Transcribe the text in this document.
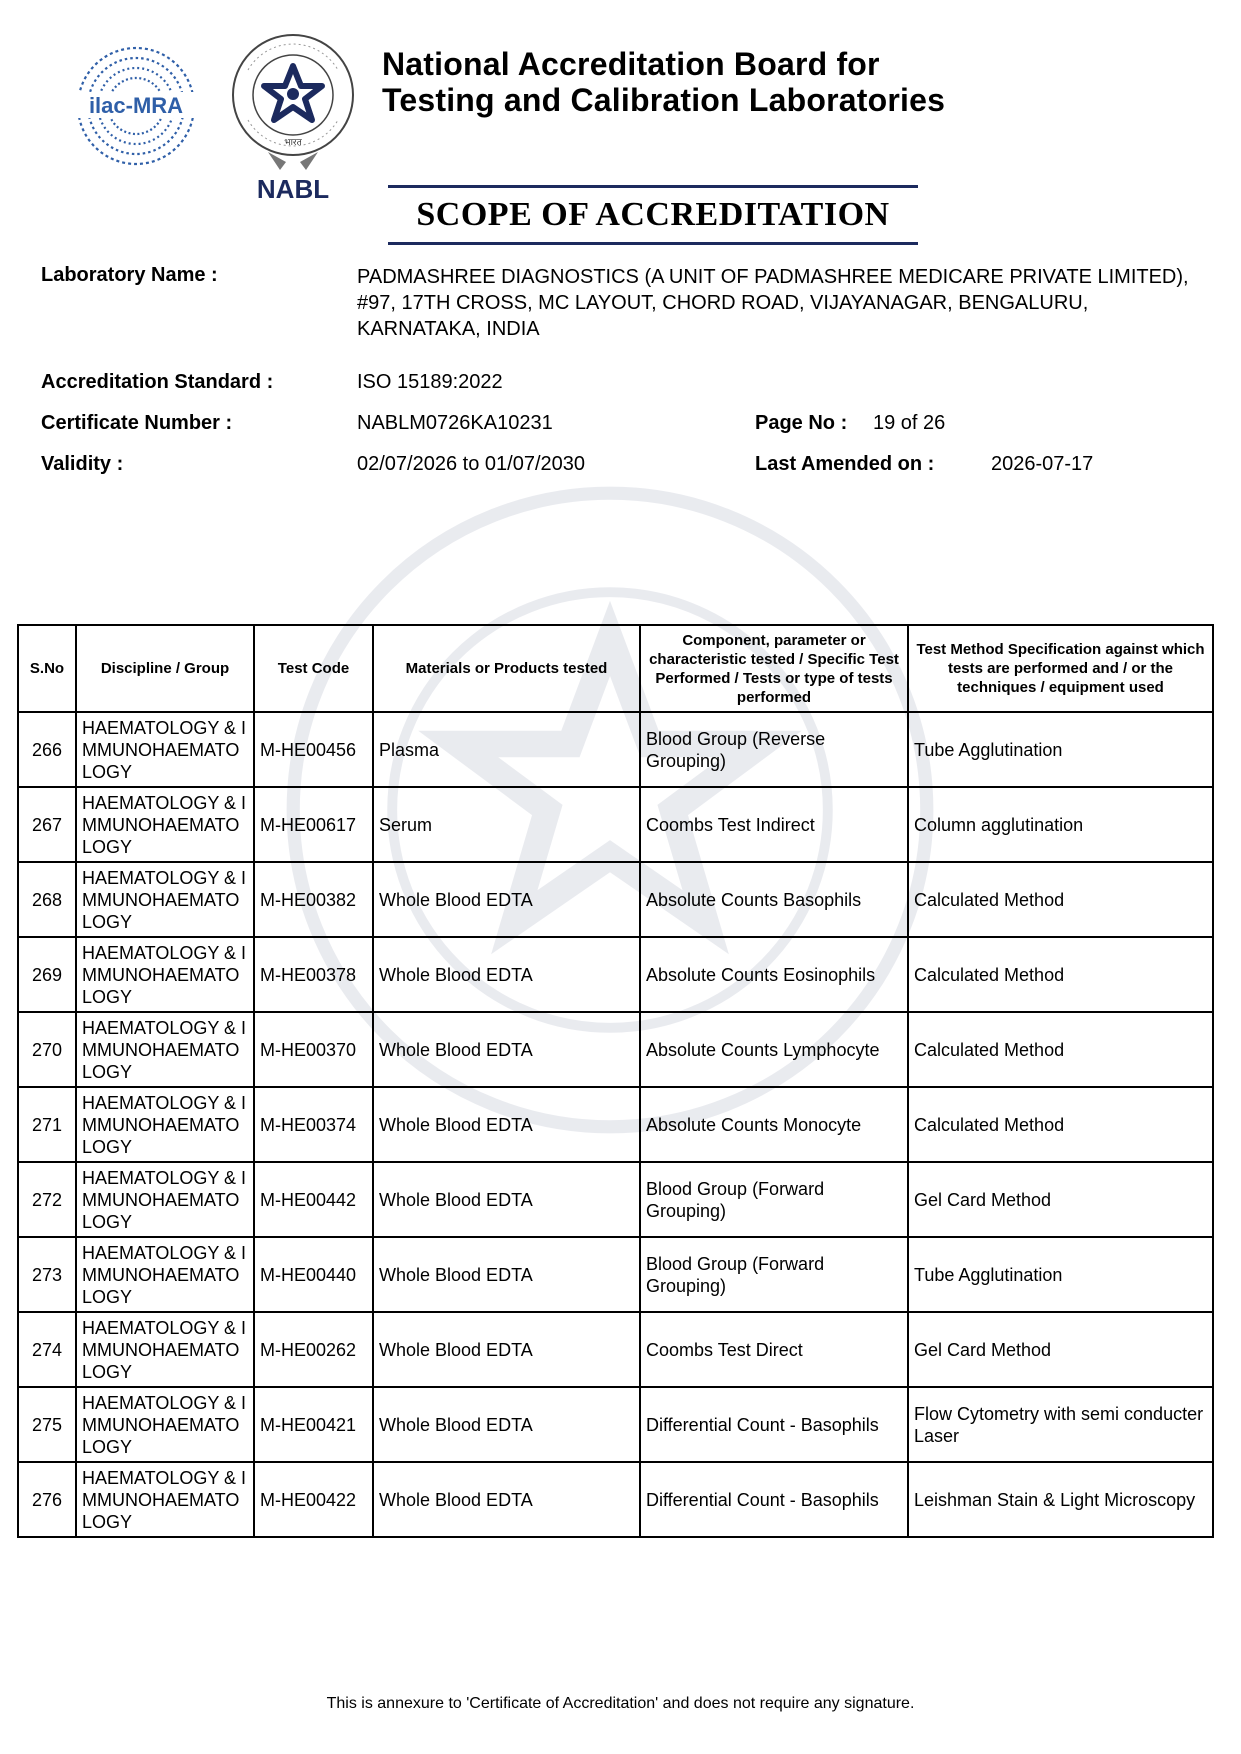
ilac-MRA
भारत
NABL
National Accreditation Board for
Testing and Calibration Laboratories
SCOPE OF ACCREDITATION
Laboratory Name :	PADMASHREE DIAGNOSTICS (A UNIT OF PADMASHREE MEDICARE PRIVATE LIMITED), #97, 17TH CROSS, MC LAYOUT, CHORD ROAD, VIJAYANAGAR, BENGALURU, KARNATAKA, INDIA
Accreditation Standard :	ISO 15189:2022
Certificate Number :	NABLM0726KA10231	Page No : 19 of 26
Validity :	02/07/2026 to 01/07/2030	Last Amended on :	2026-07-17
S.No	Discipline / Group	Test Code	Materials or Products tested	Component, parameter or characteristic tested / Specific Test Performed / Tests or type of tests performed	Test Method Specification against which tests are performed and / or the techniques / equipment used
266	HAEMATOLOGY & IMMUNOHAEMATOLOGY	M-HE00456	Plasma	Blood Group (Reverse Grouping)	Tube Agglutination
267	HAEMATOLOGY & IMMUNOHAEMATOLOGY	M-HE00617	Serum	Coombs Test Indirect	Column agglutination
268	HAEMATOLOGY & IMMUNOHAEMATOLOGY	M-HE00382	Whole Blood EDTA	Absolute Counts Basophils	Calculated Method
269	HAEMATOLOGY & IMMUNOHAEMATOLOGY	M-HE00378	Whole Blood EDTA	Absolute Counts Eosinophils	Calculated Method
270	HAEMATOLOGY & IMMUNOHAEMATOLOGY	M-HE00370	Whole Blood EDTA	Absolute Counts Lymphocyte	Calculated Method
271	HAEMATOLOGY & IMMUNOHAEMATOLOGY	M-HE00374	Whole Blood EDTA	Absolute Counts Monocyte	Calculated Method
272	HAEMATOLOGY & IMMUNOHAEMATOLOGY	M-HE00442	Whole Blood EDTA	Blood Group (Forward Grouping)	Gel Card Method
273	HAEMATOLOGY & IMMUNOHAEMATOLOGY	M-HE00440	Whole Blood EDTA	Blood Group (Forward Grouping)	Tube Agglutination
274	HAEMATOLOGY & IMMUNOHAEMATOLOGY	M-HE00262	Whole Blood EDTA	Coombs Test Direct	Gel Card Method
275	HAEMATOLOGY & IMMUNOHAEMATOLOGY	M-HE00421	Whole Blood EDTA	Differential Count - Basophils	Flow Cytometry with semi conducter Laser
276	HAEMATOLOGY & IMMUNOHAEMATOLOGY	M-HE00422	Whole Blood EDTA	Differential Count - Basophils	Leishman Stain & Light Microscopy
This is annexure to 'Certificate of Accreditation' and does not require any signature.
